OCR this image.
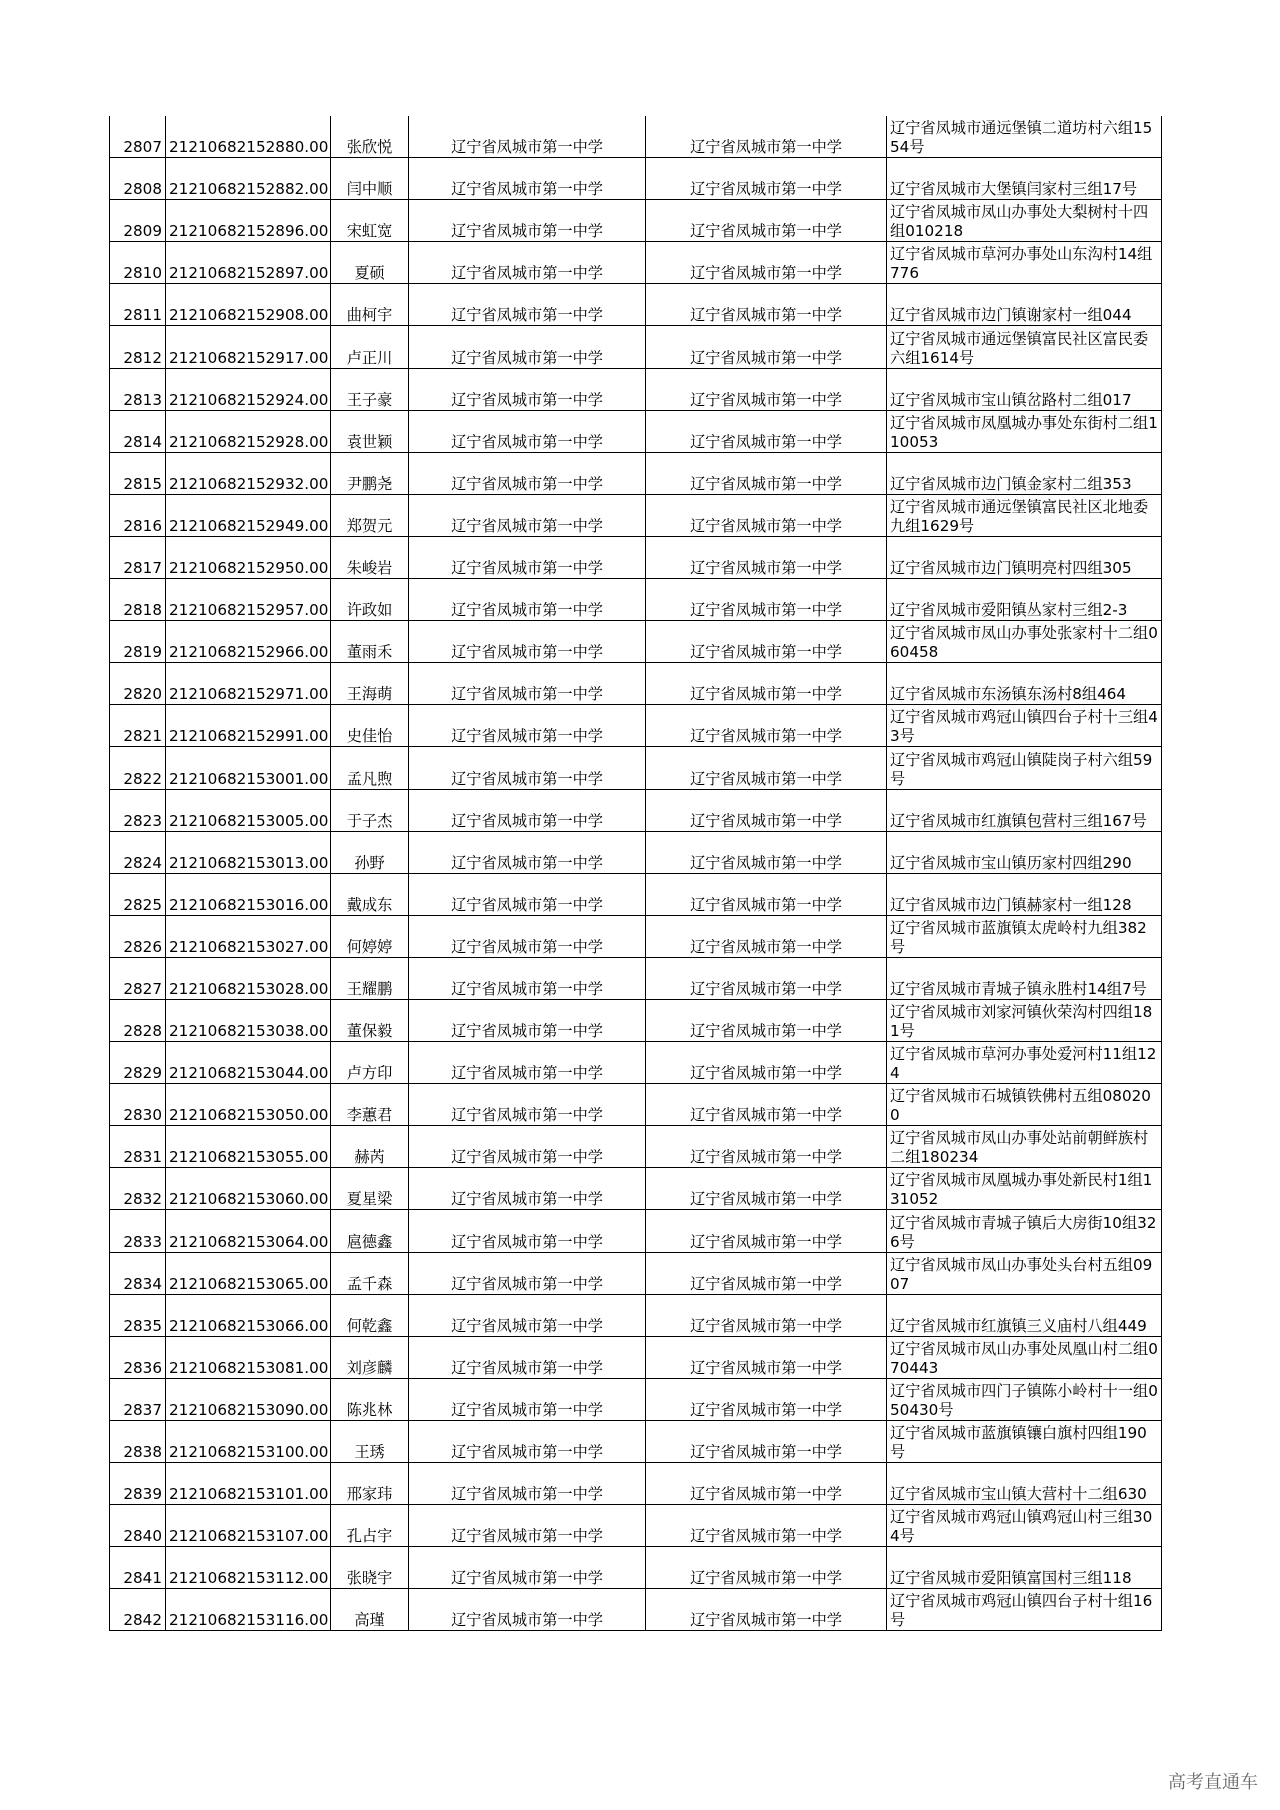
2807	21210682152880.00	张欣悦	辽宁省凤城市第一中学	辽宁省凤城市第一中学	辽宁省凤城市通远堡镇二道坊村六组1554号
2808	21210682152882.00	闫中顺	辽宁省凤城市第一中学	辽宁省凤城市第一中学	辽宁省凤城市大堡镇闫家村三组17号
2809	21210682152896.00	宋虹宽	辽宁省凤城市第一中学	辽宁省凤城市第一中学	辽宁省凤城市凤山办事处大梨树村十四组010218
2810	21210682152897.00	夏硕	辽宁省凤城市第一中学	辽宁省凤城市第一中学	辽宁省凤城市草河办事处山东沟村14组776
2811	21210682152908.00	曲柯宇	辽宁省凤城市第一中学	辽宁省凤城市第一中学	辽宁省凤城市边门镇谢家村一组044
2812	21210682152917.00	卢正川	辽宁省凤城市第一中学	辽宁省凤城市第一中学	辽宁省凤城市通远堡镇富民社区富民委六组1614号
2813	21210682152924.00	王子豪	辽宁省凤城市第一中学	辽宁省凤城市第一中学	辽宁省凤城市宝山镇岔路村二组017
2814	21210682152928.00	袁世颖	辽宁省凤城市第一中学	辽宁省凤城市第一中学	辽宁省凤城市凤凰城办事处东街村二组110053
2815	21210682152932.00	尹鹏尧	辽宁省凤城市第一中学	辽宁省凤城市第一中学	辽宁省凤城市边门镇金家村二组353
2816	21210682152949.00	郑贺元	辽宁省凤城市第一中学	辽宁省凤城市第一中学	辽宁省凤城市通远堡镇富民社区北地委九组1629号
2817	21210682152950.00	朱峻岩	辽宁省凤城市第一中学	辽宁省凤城市第一中学	辽宁省凤城市边门镇明亮村四组305
2818	21210682152957.00	许政如	辽宁省凤城市第一中学	辽宁省凤城市第一中学	辽宁省凤城市爱阳镇丛家村三组2-3
2819	21210682152966.00	董雨禾	辽宁省凤城市第一中学	辽宁省凤城市第一中学	辽宁省凤城市凤山办事处张家村十二组060458
2820	21210682152971.00	王海萌	辽宁省凤城市第一中学	辽宁省凤城市第一中学	辽宁省凤城市东汤镇东汤村8组464
2821	21210682152991.00	史佳怡	辽宁省凤城市第一中学	辽宁省凤城市第一中学	辽宁省凤城市鸡冠山镇四台子村十三组43号
2822	21210682153001.00	孟凡煦	辽宁省凤城市第一中学	辽宁省凤城市第一中学	辽宁省凤城市鸡冠山镇陡岗子村六组59号
2823	21210682153005.00	于子杰	辽宁省凤城市第一中学	辽宁省凤城市第一中学	辽宁省凤城市红旗镇包营村三组167号
2824	21210682153013.00	孙野	辽宁省凤城市第一中学	辽宁省凤城市第一中学	辽宁省凤城市宝山镇历家村四组290
2825	21210682153016.00	戴成东	辽宁省凤城市第一中学	辽宁省凤城市第一中学	辽宁省凤城市边门镇赫家村一组128
2826	21210682153027.00	何婷婷	辽宁省凤城市第一中学	辽宁省凤城市第一中学	辽宁省凤城市蓝旗镇太虎岭村九组382号
2827	21210682153028.00	王耀鹏	辽宁省凤城市第一中学	辽宁省凤城市第一中学	辽宁省凤城市青城子镇永胜村14组7号
2828	21210682153038.00	董保毅	辽宁省凤城市第一中学	辽宁省凤城市第一中学	辽宁省凤城市刘家河镇伙荣沟村四组181号
2829	21210682153044.00	卢方印	辽宁省凤城市第一中学	辽宁省凤城市第一中学	辽宁省凤城市草河办事处爱河村11组124
2830	21210682153050.00	李蕙君	辽宁省凤城市第一中学	辽宁省凤城市第一中学	辽宁省凤城市石城镇铁佛村五组080200
2831	21210682153055.00	赫芮	辽宁省凤城市第一中学	辽宁省凤城市第一中学	辽宁省凤城市凤山办事处站前朝鲜族村二组180234
2832	21210682153060.00	夏星梁	辽宁省凤城市第一中学	辽宁省凤城市第一中学	辽宁省凤城市凤凰城办事处新民村1组131052
2833	21210682153064.00	扈德鑫	辽宁省凤城市第一中学	辽宁省凤城市第一中学	辽宁省凤城市青城子镇后大房街10组326号
2834	21210682153065.00	孟千森	辽宁省凤城市第一中学	辽宁省凤城市第一中学	辽宁省凤城市凤山办事处头台村五组0907
2835	21210682153066.00	何乾鑫	辽宁省凤城市第一中学	辽宁省凤城市第一中学	辽宁省凤城市红旗镇三义庙村八组449
2836	21210682153081.00	刘彦麟	辽宁省凤城市第一中学	辽宁省凤城市第一中学	辽宁省凤城市凤山办事处凤凰山村二组070443
2837	21210682153090.00	陈兆林	辽宁省凤城市第一中学	辽宁省凤城市第一中学	辽宁省凤城市四门子镇陈小岭村十一组050430号
2838	21210682153100.00	王琇	辽宁省凤城市第一中学	辽宁省凤城市第一中学	辽宁省凤城市蓝旗镇镶白旗村四组190号
2839	21210682153101.00	邢家玮	辽宁省凤城市第一中学	辽宁省凤城市第一中学	辽宁省凤城市宝山镇大营村十二组630
2840	21210682153107.00	孔占宇	辽宁省凤城市第一中学	辽宁省凤城市第一中学	辽宁省凤城市鸡冠山镇鸡冠山村三组304号
2841	21210682153112.00	张晓宇	辽宁省凤城市第一中学	辽宁省凤城市第一中学	辽宁省凤城市爱阳镇富国村三组118
2842	21210682153116.00	高瑾	辽宁省凤城市第一中学	辽宁省凤城市第一中学	辽宁省凤城市鸡冠山镇四台子村十组16号
高考直通车
